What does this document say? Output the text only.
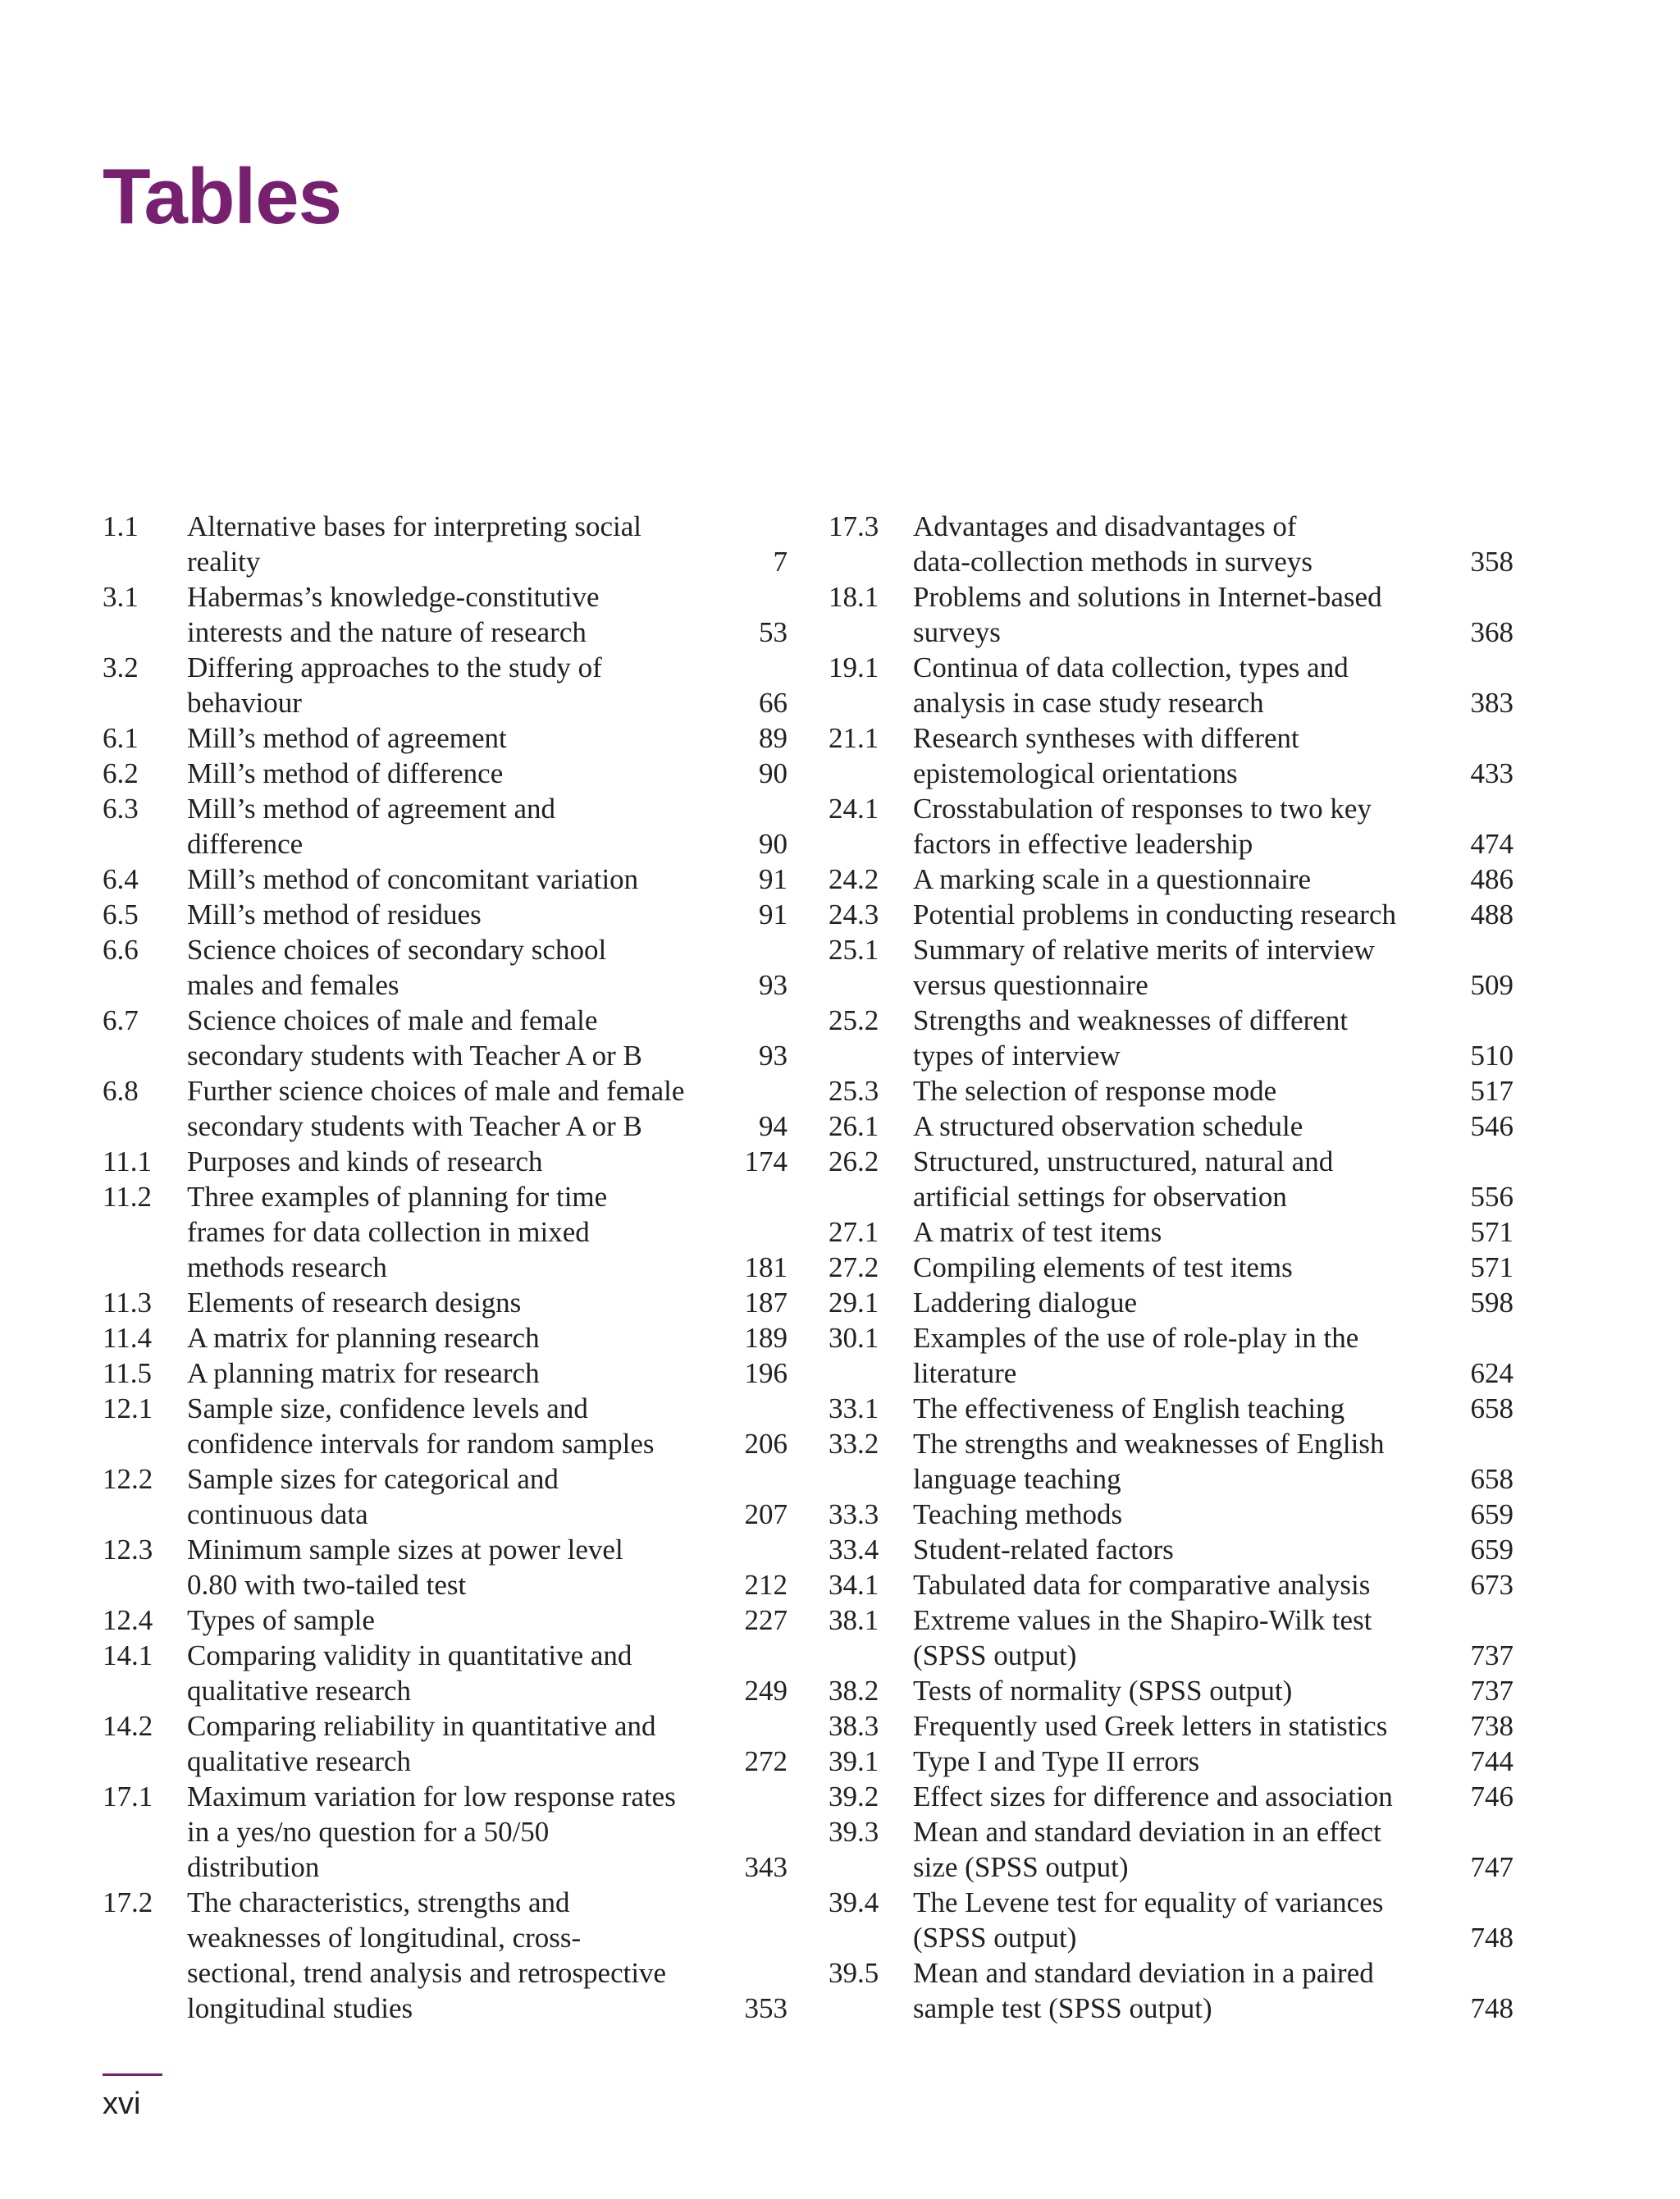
Tables
1.1 Alternative bases for interpreting social
reality	7
3.1 Habermas’s knowledge-constitutive
interests and the nature of research	53
3.2 Differing approaches to the study of
behaviour	66
6.1 Mill’s method of agreement	89
6.2 Mill’s method of difference	90
6.3 Mill’s method of agreement and
difference	90
6.4 Mill’s method of concomitant variation	91
6.5 Mill’s method of residues	91
6.6 Science choices of secondary school
males and females	93
6.7 Science choices of male and female
secondary students with Teacher A or B	93
6.8 Further science choices of male and female
secondary students with Teacher A or B	94
11.1 Purposes and kinds of research	174
11.2 Three examples of planning for time
frames for data collection in mixed
methods research	181
11.3 Elements of research designs	187
11.4 A matrix for planning research	189
11.5 A planning matrix for research	196
12.1 Sample size, confidence levels and
confidence intervals for random samples	206
12.2 Sample sizes for categorical and
continuous data	207
12.3 Minimum sample sizes at power level
0.80 with two-tailed test	212
12.4 Types of sample	227
14.1 Comparing validity in quantitative and
qualitative research	249
14.2 Comparing reliability in quantitative and
qualitative research	272
17.1 Maximum variation for low response rates
in a yes/no question for a 50/50
distribution	343
17.2 The characteristics, strengths and
weaknesses of longitudinal, cross-
sectional, trend analysis and retrospective
longitudinal studies	353
17.3 Advantages and disadvantages of
data-collection methods in surveys	358
18.1 Problems and solutions in Internet-based
surveys	368
19.1 Continua of data collection, types and
analysis in case study research	383
21.1 Research syntheses with different
epistemological orientations	433
24.1 Crosstabulation of responses to two key
factors in effective leadership	474
24.2 A marking scale in a questionnaire	486
24.3 Potential problems in conducting research	488
25.1 Summary of relative merits of interview
versus questionnaire	509
25.2 Strengths and weaknesses of different
types of interview	510
25.3 The selection of response mode	517
26.1 A structured observation schedule	546
26.2 Structured, unstructured, natural and
artificial settings for observation	556
27.1 A matrix of test items	571
27.2 Compiling elements of test items	571
29.1 Laddering dialogue	598
30.1 Examples of the use of role-play in the
literature	624
33.1 The effectiveness of English teaching	658
33.2 The strengths and weaknesses of English
language teaching	658
33.3 Teaching methods	659
33.4 Student-related factors	659
34.1 Tabulated data for comparative analysis	673
38.1 Extreme values in the Shapiro-Wilk test
(SPSS output)	737
38.2 Tests of normality (SPSS output)	737
38.3 Frequently used Greek letters in statistics	738
39.1 Type I and Type II errors	744
39.2 Effect sizes for difference and association	746
39.3 Mean and standard deviation in an effect
size (SPSS output)	747
39.4 The Levene test for equality of variances
(SPSS output)	748
39.5 Mean and standard deviation in a paired
sample test (SPSS output)	748
xvi
